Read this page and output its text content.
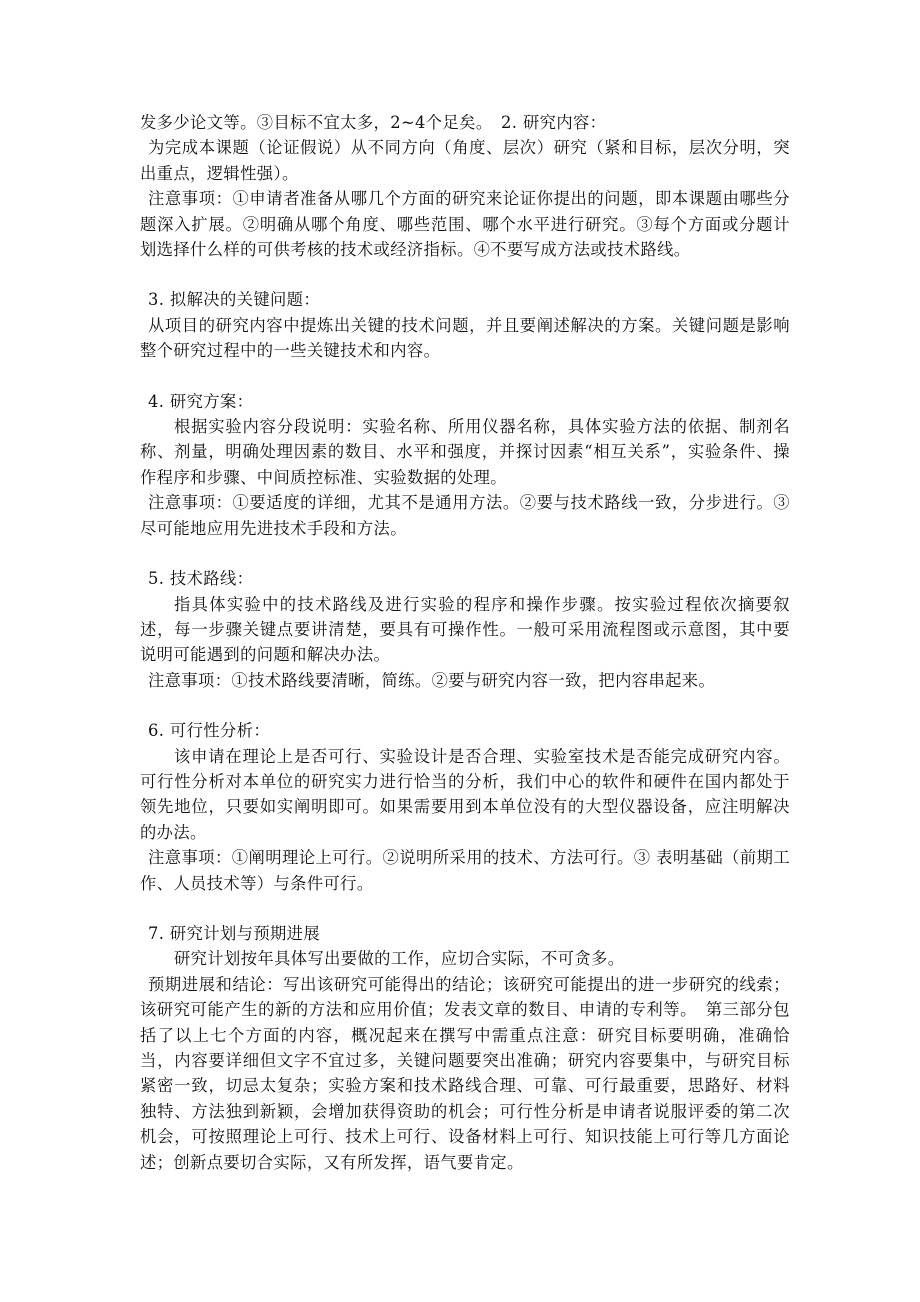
发多少论文等。③目标不宜太多，2~4个足矣。　2. 研究内容：

为完成本课题（论证假说）从不同方向（角度、层次）研究（紧和目标，层次分明，突出重点，逻辑性强）。

注意事项：①申请者准备从哪几个方面的研究来论证你提出的问题，即本课题由哪些分题深入扩展。②明确从哪个角度、哪些范围、哪个水平进行研究。③每个方面或分题计划选择什么样的可供考核的技术或经济指标。④不要写成方法或技术路线。

3. 拟解决的关键问题：

从项目的研究内容中提炼出关键的技术问题，并且要阐述解决的方案。关键问题是影响整个研究过程中的一些关键技术和内容。

4. 研究方案：

根据实验内容分段说明：实验名称、所用仪器名称，具体实验方法的依据、制剂名称、剂量，明确处理因素的数目、水平和强度，并探讨因素“相互关系”，实验条件、操作程序和步骤、中间质控标准、实验数据的处理。

注意事项：①要适度的详细，尤其不是通用方法。②要与技术路线一致，分步进行。③尽可能地应用先进技术手段和方法。

5. 技术路线：

指具体实验中的技术路线及进行实验的程序和操作步骤。按实验过程依次摘要叙述，每一步骤关键点要讲清楚，要具有可操作性。一般可采用流程图或示意图，其中要说明可能遇到的问题和解决办法。

注意事项：①技术路线要清晰，简练。②要与研究内容一致，把内容串起来。

6. 可行性分析：

该申请在理论上是否可行、实验设计是否合理、实验室技术是否能完成研究内容。可行性分析对本单位的研究实力进行恰当的分析，我们中心的软件和硬件在国内都处于领先地位，只要如实阐明即可。如果需要用到本单位没有的大型仪器设备，应注明解决的办法。

注意事项：①阐明理论上可行。②说明所采用的技术、方法可行。③ 表明基础（前期工作、人员技术等）与条件可行。

7. 研究计划与预期进展

研究计划按年具体写出要做的工作，应切合实际，不可贪多。

预期进展和结论：写出该研究可能得出的结论；该研究可能提出的进一步研究的线索；该研究可能产生的新的方法和应用价值；发表文章的数目、申请的专利等。　第三部分包括了以上七个方面的内容，概况起来在撰写中需重点注意：研究目标要明确，准确恰当，内容要详细但文字不宜过多，关键问题要突出准确；研究内容要集中，与研究目标紧密一致，切忌太复杂；实验方案和技术路线合理、可靠、可行最重要，思路好、材料独特、方法独到新颖，会增加获得资助的机会；可行性分析是申请者说服评委的第二次机会，可按照理论上可行、技术上可行、设备材料上可行、知识技能上可行等几方面论述；创新点要切合实际，又有所发挥，语气要肯定。
